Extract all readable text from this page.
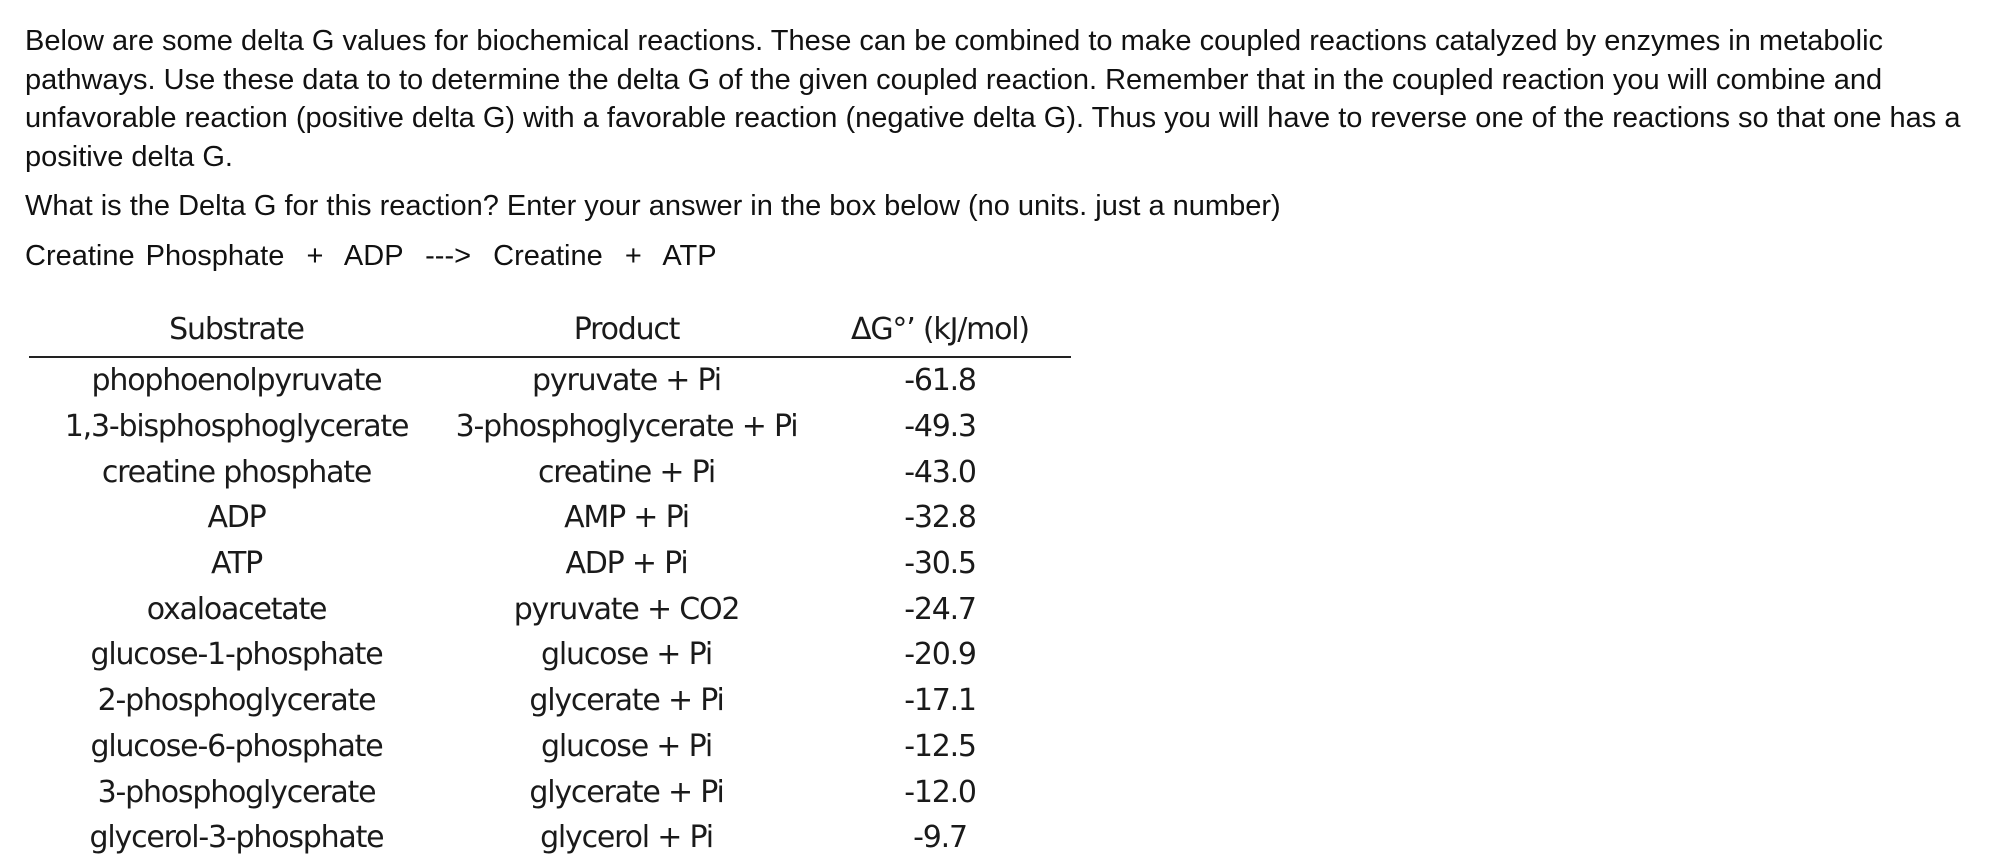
Below are some delta G values for biochemical reactions. These can be combined to make coupled reactions catalyzed by enzymes in metabolic pathways. Use these data to to determine the delta G of the given coupled reaction. Remember that in the coupled reaction you will combine and unfavorable reaction (positive delta G) with a favorable reaction (negative delta G). Thus you will have to reverse one of the reactions so that one has a positive delta G.

What is the Delta G for this reaction? Enter your answer in the box below (no units. just a number)

Creatine Phosphate  +  ADP  --->  Creatine  +  ATP

Substrate	Product	ΔG°’ (kJ/mol)
phophoenolpyruvate	pyruvate + Pi	-61.8
1,3-bisphosphoglycerate	3-phosphoglycerate + Pi	-49.3
creatine phosphate	creatine + Pi	-43.0
ADP	AMP + Pi	-32.8
ATP	ADP + Pi	-30.5
oxaloacetate	pyruvate + CO2	-24.7
glucose-1-phosphate	glucose + Pi	-20.9
2-phosphoglycerate	glycerate + Pi	-17.1
glucose-6-phosphate	glucose + Pi	-12.5
3-phosphoglycerate	glycerate + Pi	-12.0
glycerol-3-phosphate	glycerol + Pi	-9.7
